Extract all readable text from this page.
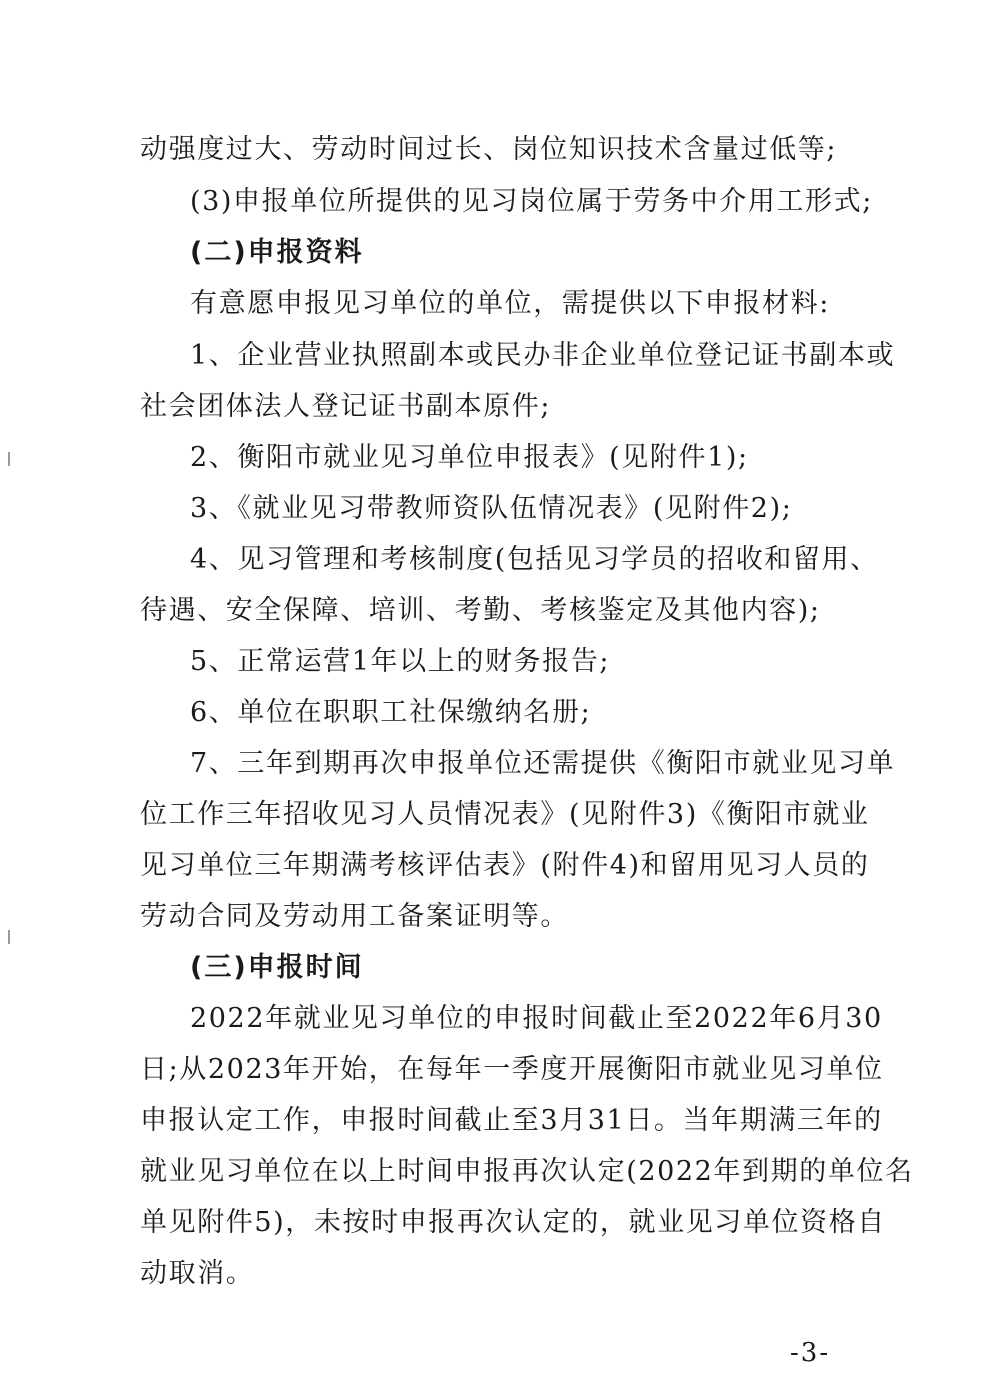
动强度过大、劳动时间过长、岗位知识技术含量过低等;
(3)申报单位所提供的见习岗位属于劳务中介用工形式;
(二)申报资料
有意愿申报见习单位的单位，需提供以下申报材料:
1、企业营业执照副本或民办非企业单位登记证书副本或
社会团体法人登记证书副本原件;
2、衡阳市就业见习单位申报表》(见附件1);
3、《就业见习带教师资队伍情况表》(见附件2);
4、见习管理和考核制度(包括见习学员的招收和留用、
待遇、安全保障、培训、考勤、考核鉴定及其他内容);
5、正常运营1年以上的财务报告;
6、单位在职职工社保缴纳名册;
7、三年到期再次申报单位还需提供《衡阳市就业见习单
位工作三年招收见习人员情况表》(见附件3)《衡阳市就业
见习单位三年期满考核评估表》(附件4)和留用见习人员的
劳动合同及劳动用工备案证明等。
(三)申报时间
2022年就业见习单位的申报时间截止至2022年6月30
日;从2023年开始，在每年一季度开展衡阳市就业见习单位
申报认定工作，申报时间截止至3月31日。当年期满三年的
就业见习单位在以上时间申报再次认定(2022年到期的单位名
单见附件5)，未按时申报再次认定的，就业见习单位资格自
动取消。
-3-
